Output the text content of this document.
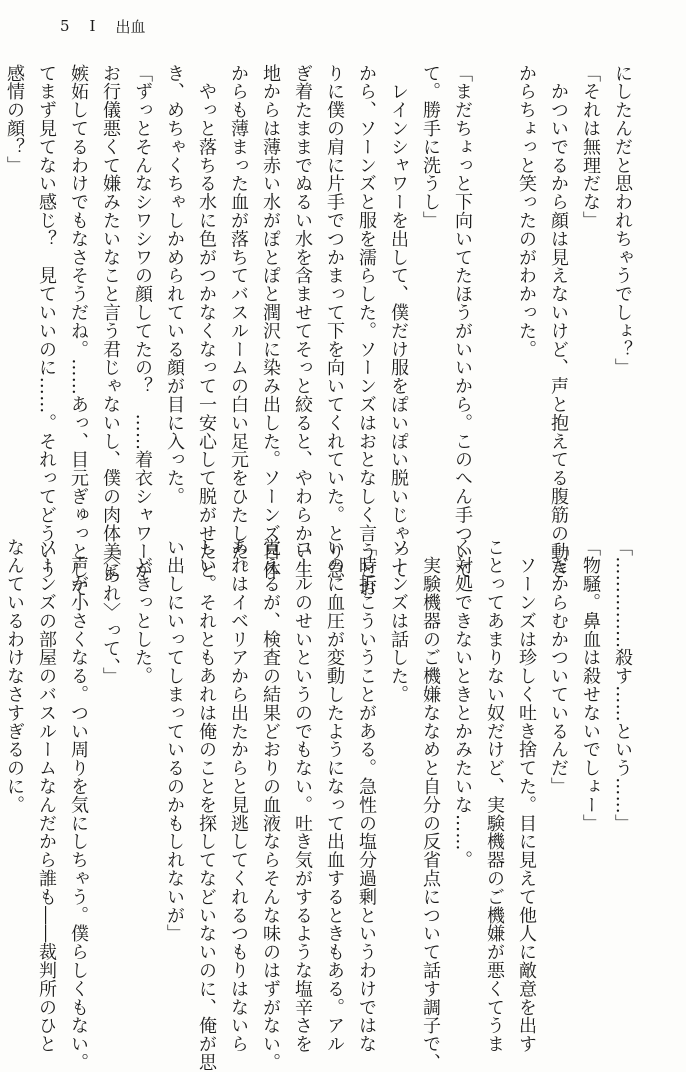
5 I 出血
にしたんだと思われちゃうでしょ？」
「それは無理だな」
　かついでるから顔は見えないけど、声と抱えてる腹筋の動き
からちょっと笑ったのがわかった。

「まだちょっと下向いてたほうがいいから。このへん手ついて
て。勝手に洗うし」
　レインシャワーを出して、僕だけ服をぽいぽい脱いじゃって
から、ソーンズと服を濡らした。ソーンズはおとなしく言うとお
りに僕の肩に片手でつかまって下を向いてくれていた。とり急
ぎ着たままでぬるい水を含ませてそっと絞ると、やわらかい生
地からは薄赤い水がぽとぽと潤沢に染み出した。ソーンズ自体
からも薄まった血が落ちてバスルームの白い足元をひたした。
　やっと落ちる水に色がつかなくなって一安心して脱がせたと
き、めちゃくちゃしかめられている顔が目に入った。
「ずっとそんなシワシワの顔してたの？　……着衣シャワーが
お行儀悪くて嫌みたいなこと言う君じゃないし、僕の肉体美に
嫉妬してるわけでもなさそうだね。……あっ、目元ぎゅっとして
てまず見てない感じ？　見ていいのに……。それってどういう
感情の顔？」
「……………殺す……という……」
「物騒。鼻血は殺せないでしょー」
「だからむかついているんだ」
　ソーンズは珍しく吐き捨てた。目に見えて他人に敵意を出す
ことってあまりない奴だけど、実験機器のご機嫌が悪くてうま
く対処できないときとかみたいな……。
　実験機器のご機嫌ななめと自分の反省点について話す調子で、
ソーンズは話した。
「時折こういうことがある。急性の塩分過剰というわけではな
いのに血圧が変動したようになって出血するときもある。アル
コールのせいというのでもない。吐き気がするような塩辛さを
覚えるが、検査の結果どおりの血液ならそんな味のはずがない。
あれはイベリアから出たからと見逃してくれるつもりはないら
しい。それともあれは俺のことを探してなどいないのに、俺が思
い出しにいってしまっているのかもしれないが」
　どきっとした。
「〈あれ〉って、」
　声が小さくなる。つい周りを気にしちゃう。僕らしくもない。
ソーンズの部屋のバスルームなんだから誰も――裁判所のひと
なんているわけなさすぎるのに。
